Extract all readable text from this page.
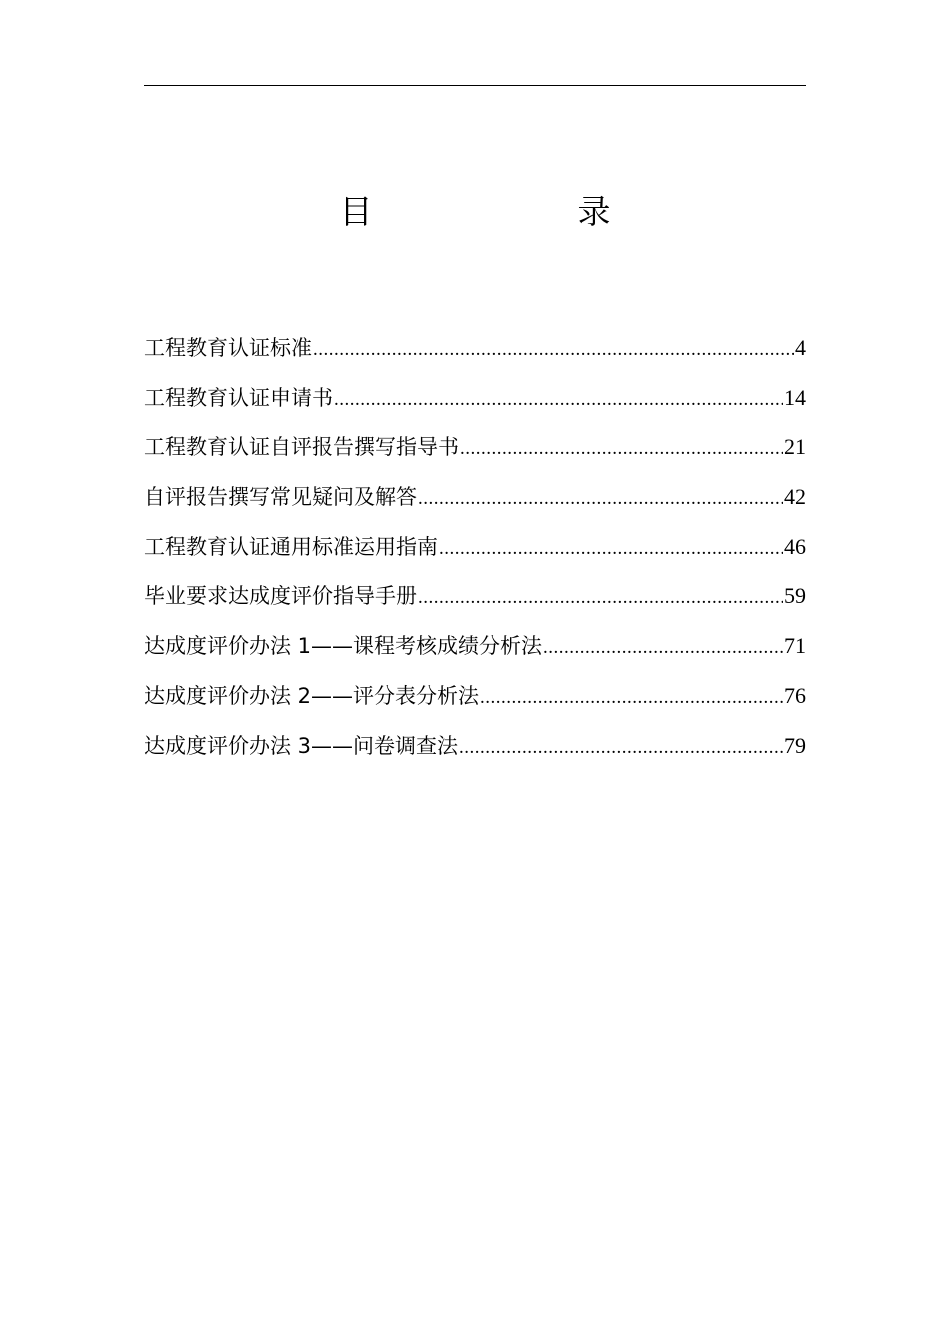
目　录
工程教育认证标准 .....	4
工程教育认证申请书 .....	14
工程教育认证自评报告撰写指导书 .....	21
自评报告撰写常见疑问及解答 .....	42
工程教育认证通用标准运用指南 .....	46
毕业要求达成度评价指导手册 .....	59
达成度评价办法 1——课程考核成绩分析法 .....	71
达成度评价办法 2——评分表分析法 .....	76
达成度评价办法 3——问卷调查法 .....	79
